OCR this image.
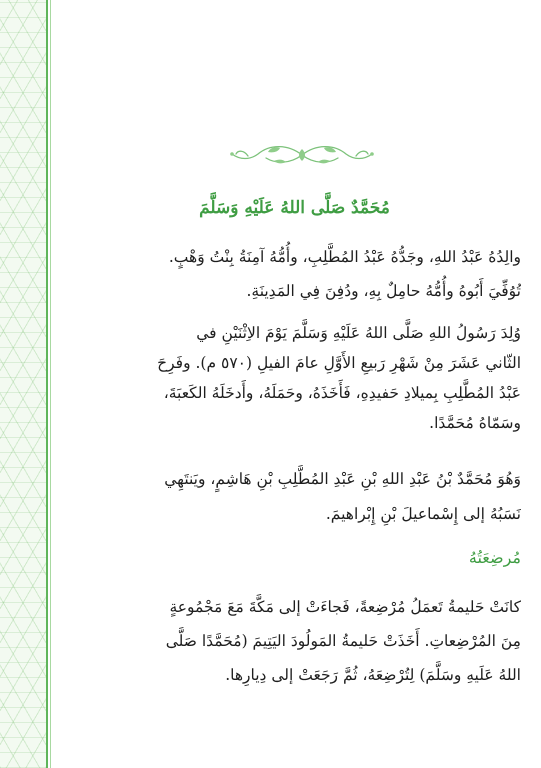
مُحَمَّدٌ صَلَّى اللهُ عَلَيْهِ وَسَلَّمَ
والِدُهُ عَبْدُ اللهِ، وجَدُّهُ عَبْدُ المُطَّلِبِ، وأُمُّهُ آمِنَةُ بِنْتُ وَهْبٍ.
تُوُفِّيَ أَبُوهُ وأُمُّهُ حامِلٌ بِهِ، ودُفِنَ فِي المَدِينَةِ.
وُلِدَ رَسُولُ اللهِ صَلَّى اللهُ عَلَيْهِ وَسَلَّمَ يَوْمَ الاِثْنَيْنِ في
الثّاني عَشَرَ مِنْ شَهْرِ رَبيعِ الأَوَّلِ عامَ الفيلِ (٥٧٠ م). وفَرِحَ
عَبْدُ المُطَّلِبِ بِميلادِ حَفيدِهِ، فَأَخَذَهُ، وحَمَلَهُ، وأَدخَلَهُ الكَعبَةَ،
وسَمّاهُ مُحَمَّدًا.
وَهُوَ مُحَمَّدٌ بْنُ عَبْدِ اللهِ بْنِ عَبْدِ المُطَّلِبِ بْنِ هَاشِمٍ، ويَنتَهِي
نَسَبُهُ إلى إِسْماعيلَ بْنِ إِبْراهيمَ.
مُرضِعَتُهُ
كانَتْ حَليمةُ تَعمَلُ مُرْضِعةً، فَجاءَتْ إلى مَكَّةَ مَعَ مَجْمُوعةٍ
مِنَ المُرْضِعاتِ. أَخَذَتْ حَليمةُ المَولُودَ اليَتِيمَ (مُحَمَّدًا صَلَّى
اللهُ عَلَيهِ وسَلَّمَ) لِتُرْضِعَهُ، ثُمَّ رَجَعَتْ إلى دِيارِها.
